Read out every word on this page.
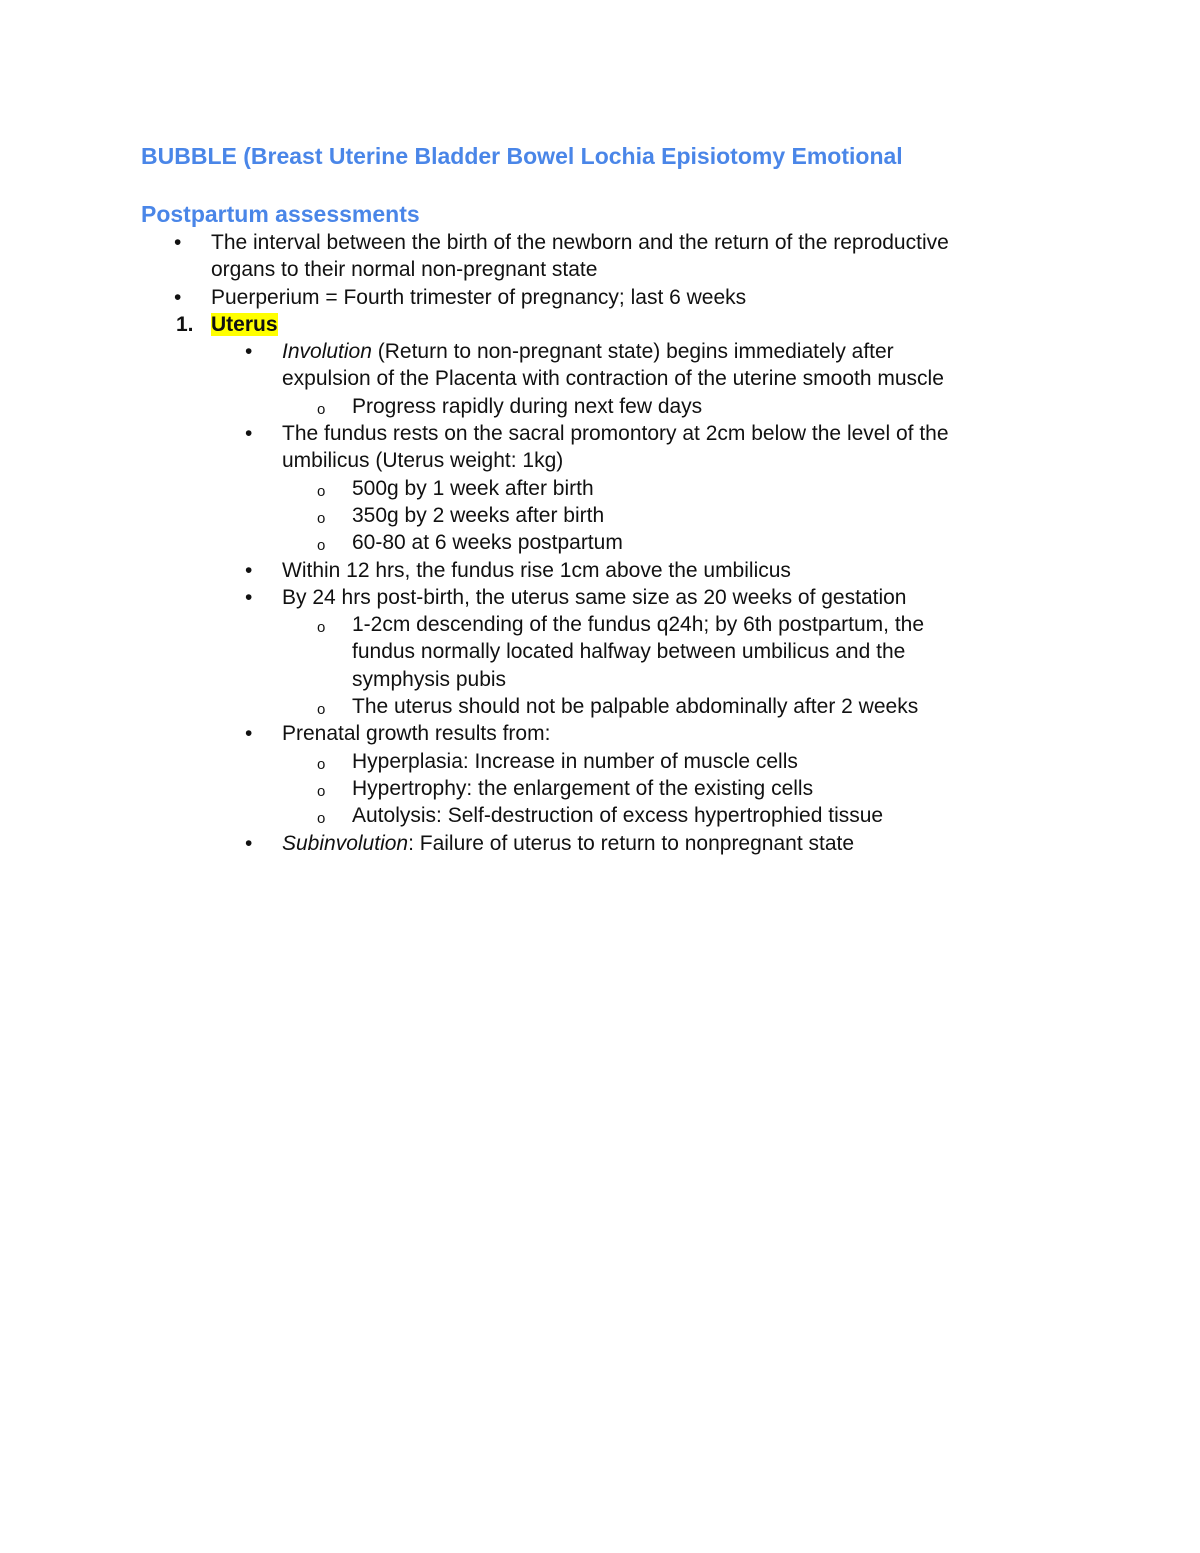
BUBBLE (Breast Uterine Bladder Bowel Lochia Episiotomy Emotional
Postpartum assessments
• The interval between the birth of the newborn and the return of the reproductive
organs to their normal non-pregnant state
• Puerperium = Fourth trimester of pregnancy; last 6 weeks
1. Uterus
• Involution (Return to non-pregnant state) begins immediately after
expulsion of the Placenta with contraction of the uterine smooth muscle
o Progress rapidly during next few days
• The fundus rests on the sacral promontory at 2cm below the level of the
umbilicus (Uterus weight: 1kg)
o 500g by 1 week after birth
o 350g by 2 weeks after birth
o 60-80 at 6 weeks postpartum
• Within 12 hrs, the fundus rise 1cm above the umbilicus
• By 24 hrs post-birth, the uterus same size as 20 weeks of gestation
o 1-2cm descending of the fundus q24h; by 6th postpartum, the
fundus normally located halfway between umbilicus and the
symphysis pubis
o The uterus should not be palpable abdominally after 2 weeks
• Prenatal growth results from:
o Hyperplasia: Increase in number of muscle cells
o Hypertrophy: the enlargement of the existing cells
o Autolysis: Self-destruction of excess hypertrophied tissue
• Subinvolution: Failure of uterus to return to nonpregnant state
